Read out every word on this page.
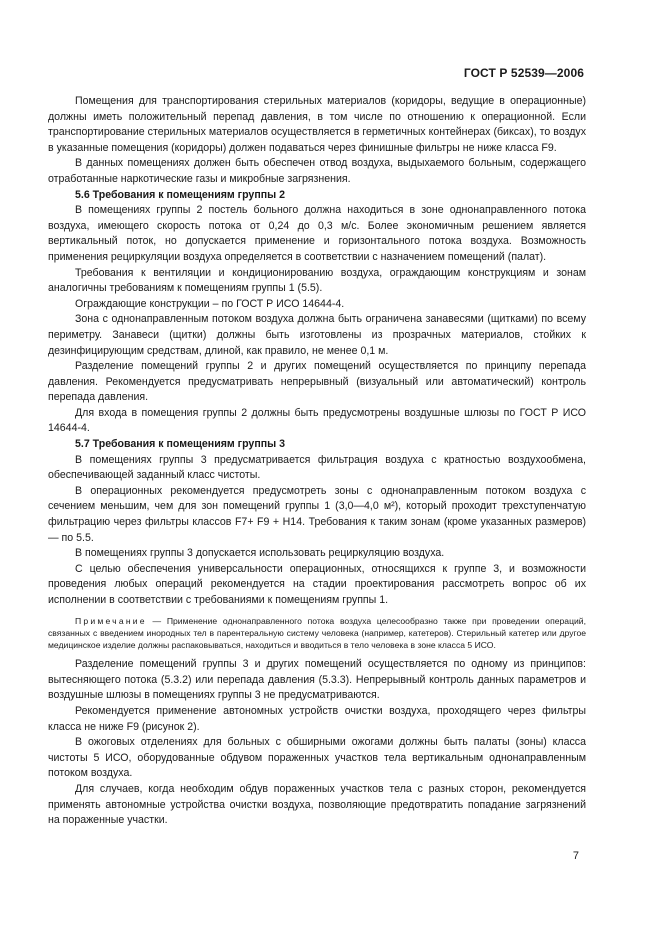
ГОСТ Р 52539—2006

Помещения для транспортирования стерильных материалов (коридоры, ведущие в операционные) должны иметь положительный перепад давления, в том числе по отношению к операционной. Если транспортирование стерильных материалов осуществляется в герметичных контейнерах (биксах), то воздух в указанные помещения (коридоры) должен подаваться через финишные фильтры не ниже класса F9.

В данных помещениях должен быть обеспечен отвод воздуха, выдыхаемого больным, содержащего отработанные наркотические газы и микробные загрязнения.

5.6 Требования к помещениям группы 2

В помещениях группы 2 постель больного должна находиться в зоне однонаправленного потока воздуха, имеющего скорость потока от 0,24 до 0,3 м/с. Более экономичным решением является вертикальный поток, но допускается применение и горизонтального потока воздуха. Возможность применения рециркуляции воздуха определяется в соответствии с назначением помещений (палат).

Требования к вентиляции и кондиционированию воздуха, ограждающим конструкциям и зонам аналогичны требованиям к помещениям группы 1 (5.5).

Ограждающие конструкции – по ГОСТ Р ИСО 14644-4.

Зона с однонаправленным потоком воздуха должна быть ограничена занавесями (щитками) по всему периметру. Занавеси (щитки) должны быть изготовлены из прозрачных материалов, стойких к дезинфицирующим средствам, длиной, как правило, не менее 0,1 м.

Разделение помещений группы 2 и других помещений осуществляется по принципу перепада давления. Рекомендуется предусматривать непрерывный (визуальный или автоматический) контроль перепада давления.

Для входа в помещения группы 2 должны быть предусмотрены воздушные шлюзы по ГОСТ Р ИСО 14644-4.

5.7 Требования к помещениям группы 3

В помещениях группы 3 предусматривается фильтрация воздуха с кратностью воздухообмена, обеспечивающей заданный класс чистоты.

В операционных рекомендуется предусмотреть зоны с однонаправленным потоком воздуха с сечением меньшим, чем для зон помещений группы 1 (3,0—4,0 м²), который проходит трехступенчатую фильтрацию через фильтры классов F7+ F9 + H14. Требования к таким зонам (кроме указанных размеров) — по 5.5.

В помещениях группы 3 допускается использовать рециркуляцию воздуха.

С целью обеспечения универсальности операционных, относящихся к группе 3, и возможности проведения любых операций рекомендуется на стадии проектирования рассмотреть вопрос об их исполнении в соответствии с требованиями к помещениям группы 1.

Примечание — Применение однонаправленного потока воздуха целесообразно также при проведении операций, связанных с введением инородных тел в парентеральную систему человека (например, катетеров). Стерильный катетер или другое медицинское изделие должны распаковываться, находиться и вводиться в тело человека в зоне класса 5 ИСО.

Разделение помещений группы 3 и других помещений осуществляется по одному из принципов: вытесняющего потока (5.3.2) или перепада давления (5.3.3). Непрерывный контроль данных параметров и воздушные шлюзы в помещениях группы 3 не предусматриваются.

Рекомендуется применение автономных устройств очистки воздуха, проходящего через фильтры класса не ниже F9 (рисунок 2).

В ожоговых отделениях для больных с обширными ожогами должны быть палаты (зоны) класса чистоты 5 ИСО, оборудованные обдувом пораженных участков тела вертикальным однонаправленным потоком воздуха.

Для случаев, когда необходим обдув пораженных участков тела с разных сторон, рекомендуется применять автономные устройства очистки воздуха, позволяющие предотвратить попадание загрязнений на пораженные участки.

7
